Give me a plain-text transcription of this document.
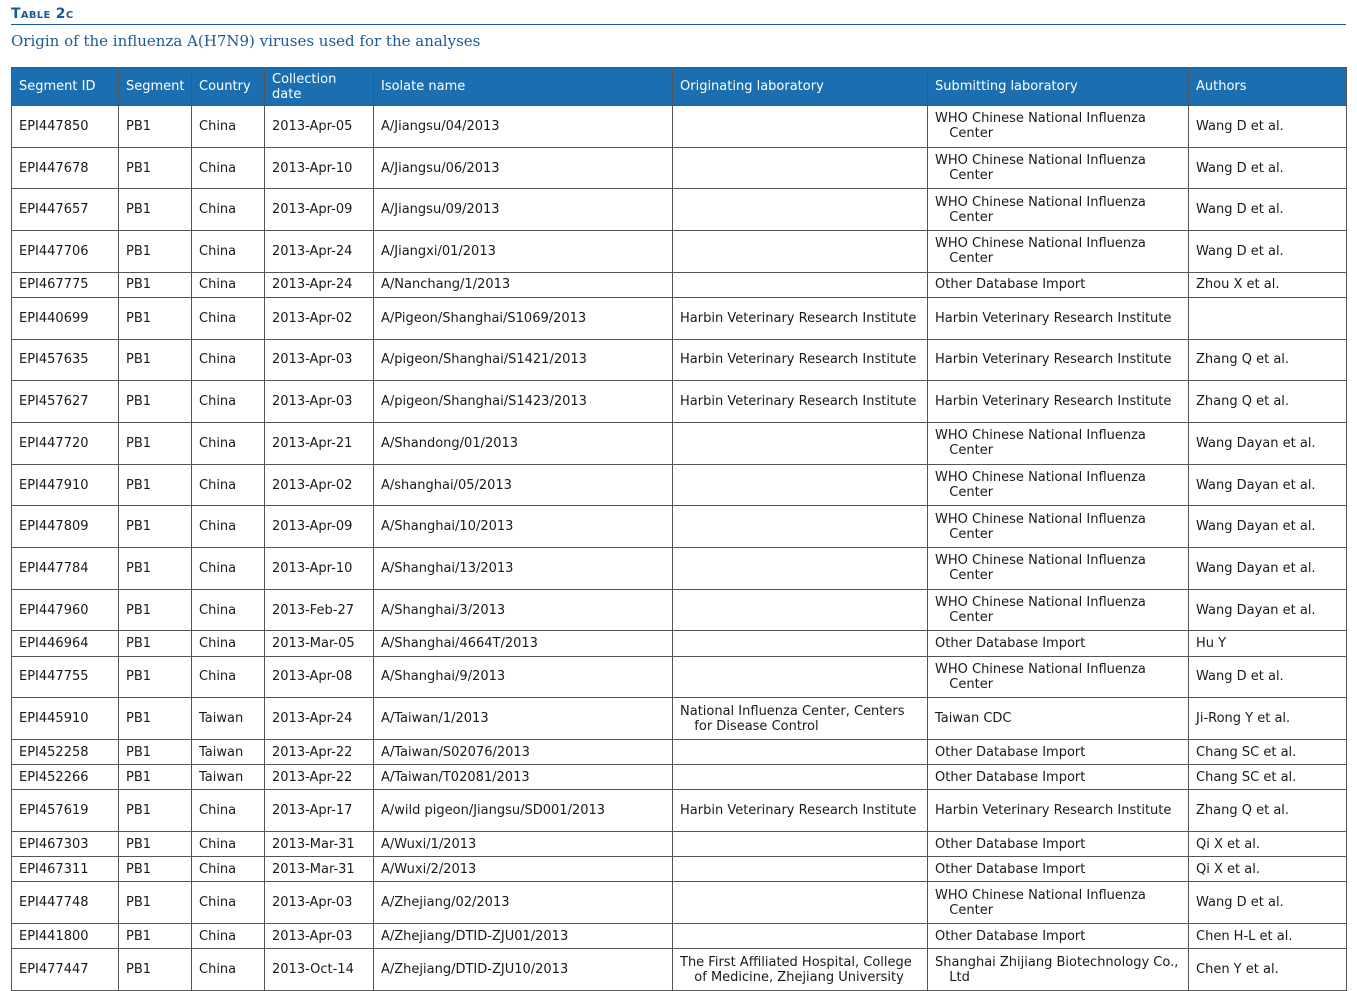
Table 2c
Origin of the influenza A(H7N9) viruses used for the analyses
Segment ID	Segment	Country	Collection date	Isolate name	Originating laboratory	Submitting laboratory	Authors

EPI447850	PB1	China	2013-Apr-05	A/Jiangsu/04/2013		WHO Chinese National Influenza Center	Wang D et al.

EPI447678	PB1	China	2013-Apr-10	A/Jiangsu/06/2013		WHO Chinese National Influenza Center	Wang D et al.

EPI447657	PB1	China	2013-Apr-09	A/Jiangsu/09/2013		WHO Chinese National Influenza Center	Wang D et al.

EPI447706	PB1	China	2013-Apr-24	A/Jiangxi/01/2013		WHO Chinese National Influenza Center	Wang D et al.

EPI467775	PB1	China	2013-Apr-24	A/Nanchang/1/2013		Other Database Import	Zhou X et al.

EPI440699	PB1	China	2013-Apr-02	A/Pigeon/Shanghai/S1069/2013	Harbin Veterinary Research Institute	Harbin Veterinary Research Institute	

EPI457635	PB1	China	2013-Apr-03	A/pigeon/Shanghai/S1421/2013	Harbin Veterinary Research Institute	Harbin Veterinary Research Institute	Zhang Q et al.

EPI457627	PB1	China	2013-Apr-03	A/pigeon/Shanghai/S1423/2013	Harbin Veterinary Research Institute	Harbin Veterinary Research Institute	Zhang Q et al.

EPI447720	PB1	China	2013-Apr-21	A/Shandong/01/2013		WHO Chinese National Influenza Center	Wang Dayan et al.

EPI447910	PB1	China	2013-Apr-02	A/shanghai/05/2013		WHO Chinese National Influenza Center	Wang Dayan et al.

EPI447809	PB1	China	2013-Apr-09	A/Shanghai/10/2013		WHO Chinese National Influenza Center	Wang Dayan et al.

EPI447784	PB1	China	2013-Apr-10	A/Shanghai/13/2013		WHO Chinese National Influenza Center	Wang Dayan et al.

EPI447960	PB1	China	2013-Feb-27	A/Shanghai/3/2013		WHO Chinese National Influenza Center	Wang Dayan et al.

EPI446964	PB1	China	2013-Mar-05	A/Shanghai/4664T/2013		Other Database Import	Hu Y

EPI447755	PB1	China	2013-Apr-08	A/Shanghai/9/2013		WHO Chinese National Influenza Center	Wang D et al.

EPI445910	PB1	Taiwan	2013-Apr-24	A/Taiwan/1/2013	National Influenza Center, Centers for Disease Control	Taiwan CDC	Ji-Rong Y et al.

EPI452258	PB1	Taiwan	2013-Apr-22	A/Taiwan/S02076/2013		Other Database Import	Chang SC et al.

EPI452266	PB1	Taiwan	2013-Apr-22	A/Taiwan/T02081/2013		Other Database Import	Chang SC et al.

EPI457619	PB1	China	2013-Apr-17	A/wild pigeon/Jiangsu/SD001/2013	Harbin Veterinary Research Institute	Harbin Veterinary Research Institute	Zhang Q et al.

EPI467303	PB1	China	2013-Mar-31	A/Wuxi/1/2013		Other Database Import	Qi X et al.

EPI467311	PB1	China	2013-Mar-31	A/Wuxi/2/2013		Other Database Import	Qi X et al.

EPI447748	PB1	China	2013-Apr-03	A/Zhejiang/02/2013		WHO Chinese National Influenza Center	Wang D et al.

EPI441800	PB1	China	2013-Apr-03	A/Zhejiang/DTID-ZJU01/2013		Other Database Import	Chen H-L et al.

EPI477447	PB1	China	2013-Oct-14	A/Zhejiang/DTID-ZJU10/2013	The First Affiliated Hospital, College of Medicine, Zhejiang University	Shanghai Zhijiang Biotechnology Co., Ltd	Chen Y et al.
